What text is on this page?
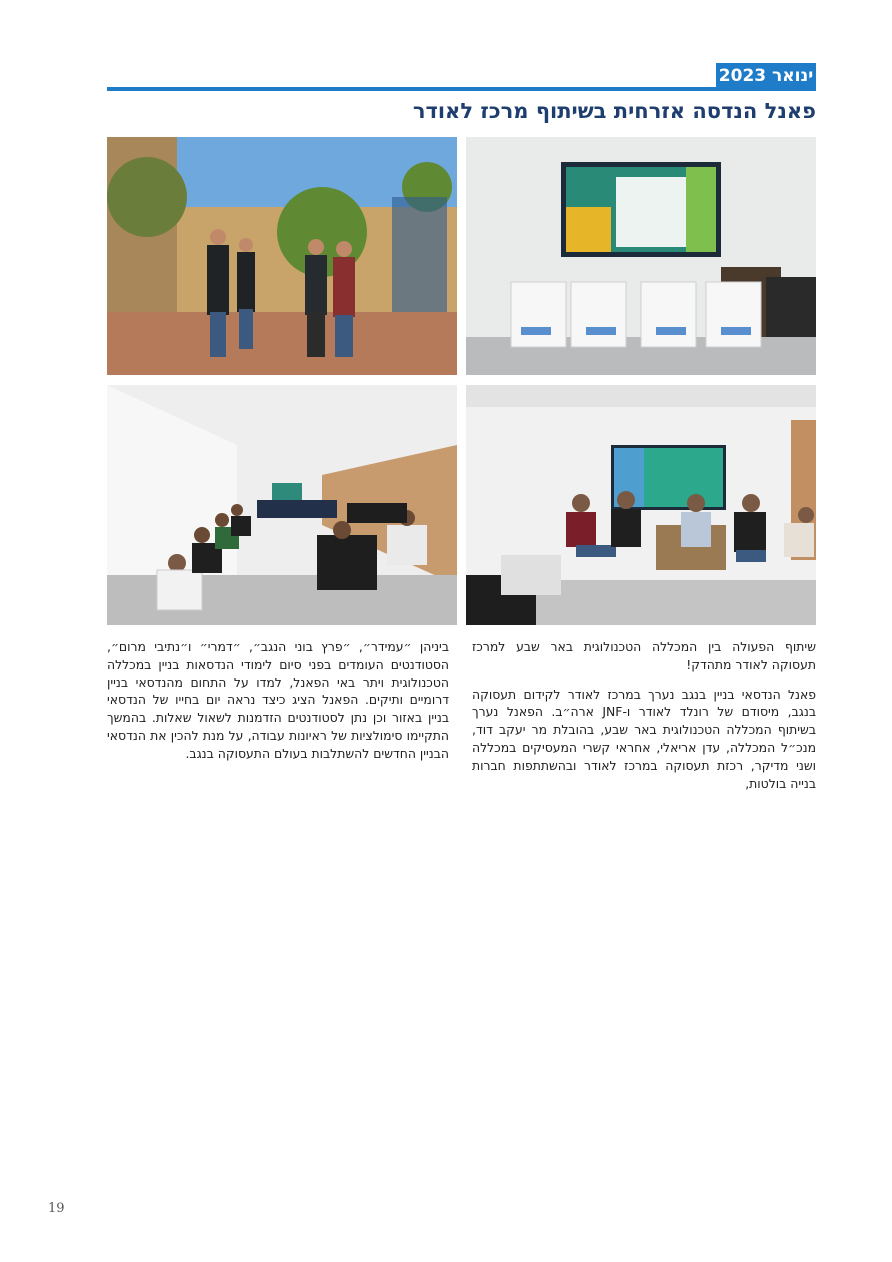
ינואר 2023
פאנל הנדסה אזרחית בשיתוף מרכז לאודר

שיתוף הפעולה בין המכללה הטכנולוגית באר שבע למרכז תעסוקה לאודר מתהדק!

פאנל הנדסאי בניין בנגב נערך במרכז לאודר לקידום תעסוקה בנגב, מיסודם של רונלד לאודר ו-JNF ארה״ב. הפאנל נערך בשיתוף המכללה הטכנולוגית באר שבע, בהובלת מר יעקב דוד, מנכ״ל המכללה, עדן אריאלי, אחראי קשרי המעסיקים במכללה ושני מדיקר, רכזת תעסוקה במרכז לאודר ובהשתתפות חברות בנייה בולטות,

ביניהן ״עמידר״, ״פרץ בוני הנגב״, ״דמרי״ ו״נתיבי מרום״, הסטודנטים העומדים בפני סיום לימודי הנדסאות בניין במכללה הטכנולוגית ויתר באי הפאנל, למדו על התחום מהנדסאי בניין דרומיים ותיקים. הפאנל הציג כיצד נראה יום בחייו של הנדסאי בניין באזור וכן נתן לסטודנטים הזדמנות לשאול שאלות. בהמשך התקיימו סימולציות של ראיונות עבודה, על מנת להכין את הנדסאי הבניין החדשים להשתלבות בעולם התעסוקה בנגב.

19
